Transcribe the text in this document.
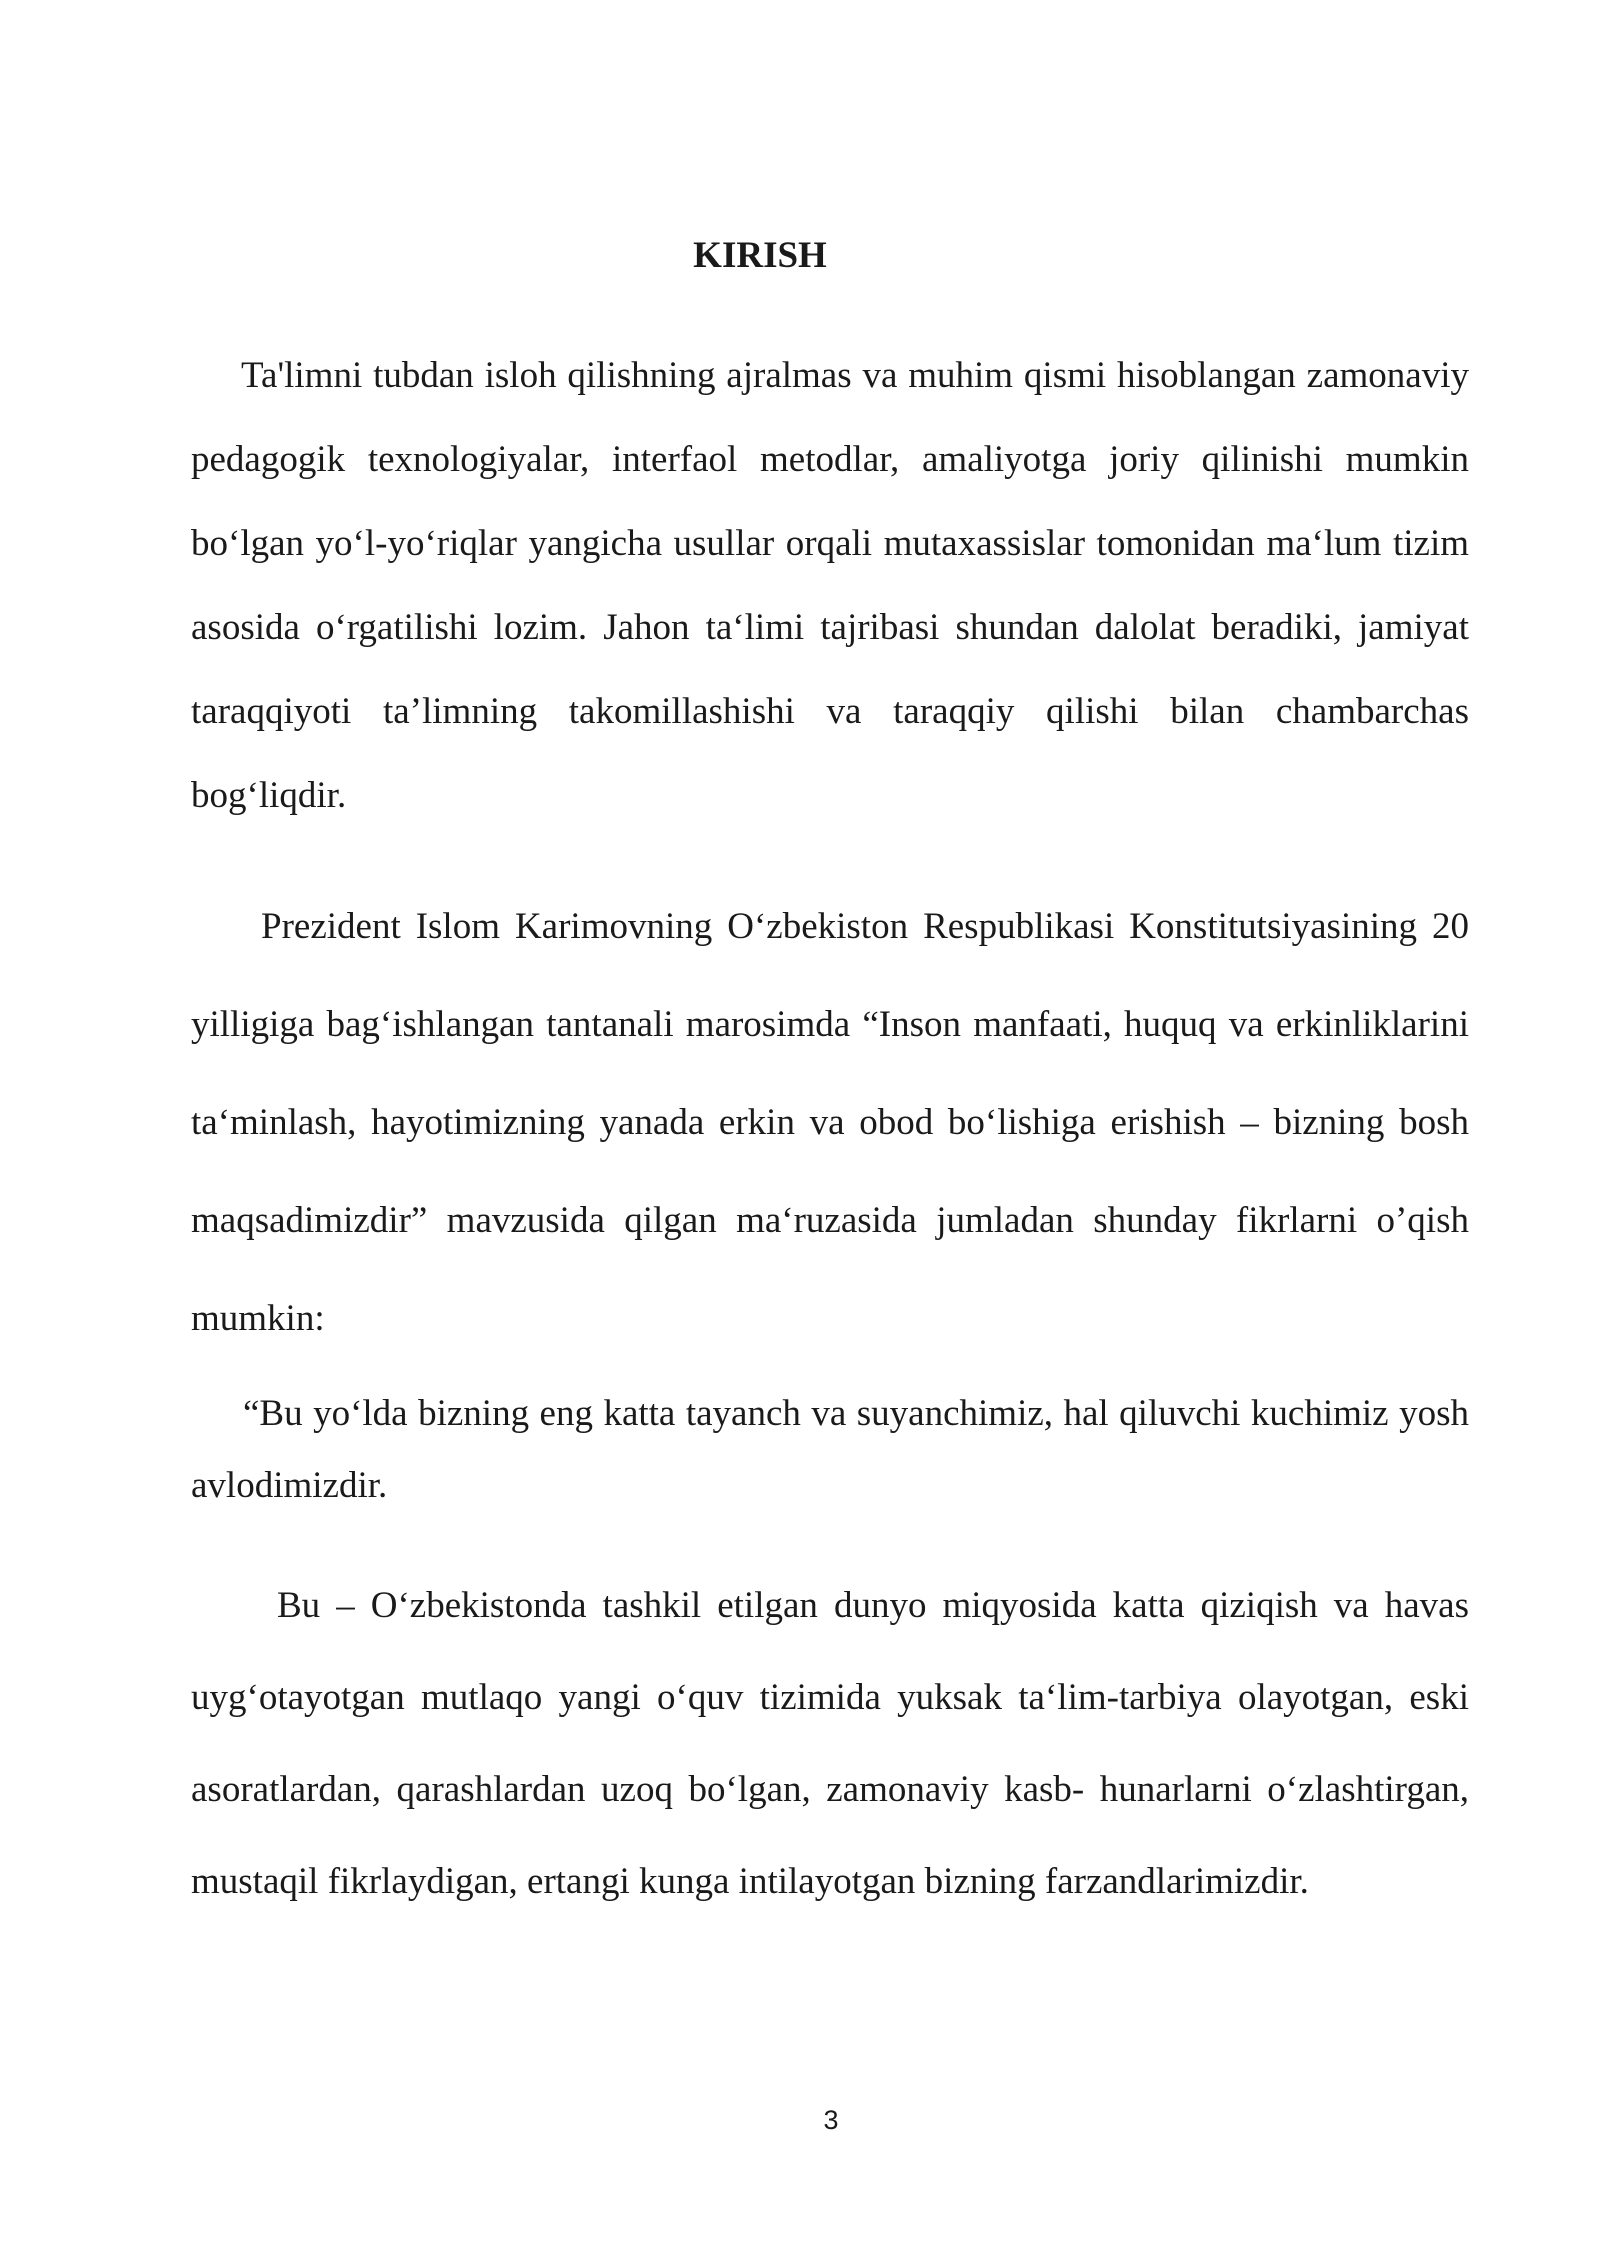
KIRISH

Ta'limni tubdan isloh qilishning ajralmas va muhim qismi hisoblangan zamonaviy pedagogik texnologiyalar, interfaol metodlar, amaliyotga joriy qilinishi mumkin boʻlgan yoʻl-yoʻriqlar yangicha usullar orqali mutaxassislar tomonidan maʻlum tizim asosida oʻrgatilishi lozim. Jahon taʻlimi tajribasi shundan dalolat beradiki, jamiyat taraqqiyoti ta’limning takomillashishi va taraqqiy qilishi bilan chambarchas bogʻliqdir.

Prezident Islom Karimovning Oʻzbekiston Respublikasi Konstitutsiyasining 20 yilligiga bagʻishlangan tantanali marosimda “Inson manfaati, huquq va erkinliklarini taʻminlash, hayotimizning yanada erkin va obod boʻlishiga erishish – bizning bosh maqsadimizdir” mavzusida qilgan maʻruzasida jumladan shunday fikrlarni o’qish mumkin:

“Bu yoʻlda bizning eng katta tayanch va suyanchimiz, hal qiluvchi kuchimiz yosh avlodimizdir.

Bu – Oʻzbekistonda tashkil etilgan dunyo miqyosida katta qiziqish va havas uygʻotayotgan mutlaqo yangi oʻquv tizimida yuksak taʻlim-tarbiya olayotgan, eski asoratlardan, qarashlardan uzoq boʻlgan, zamonaviy kasb- hunarlarni oʻzlashtirgan, mustaqil fikrlaydigan, ertangi kunga intilayotgan bizning farzandlarimizdir.

3
